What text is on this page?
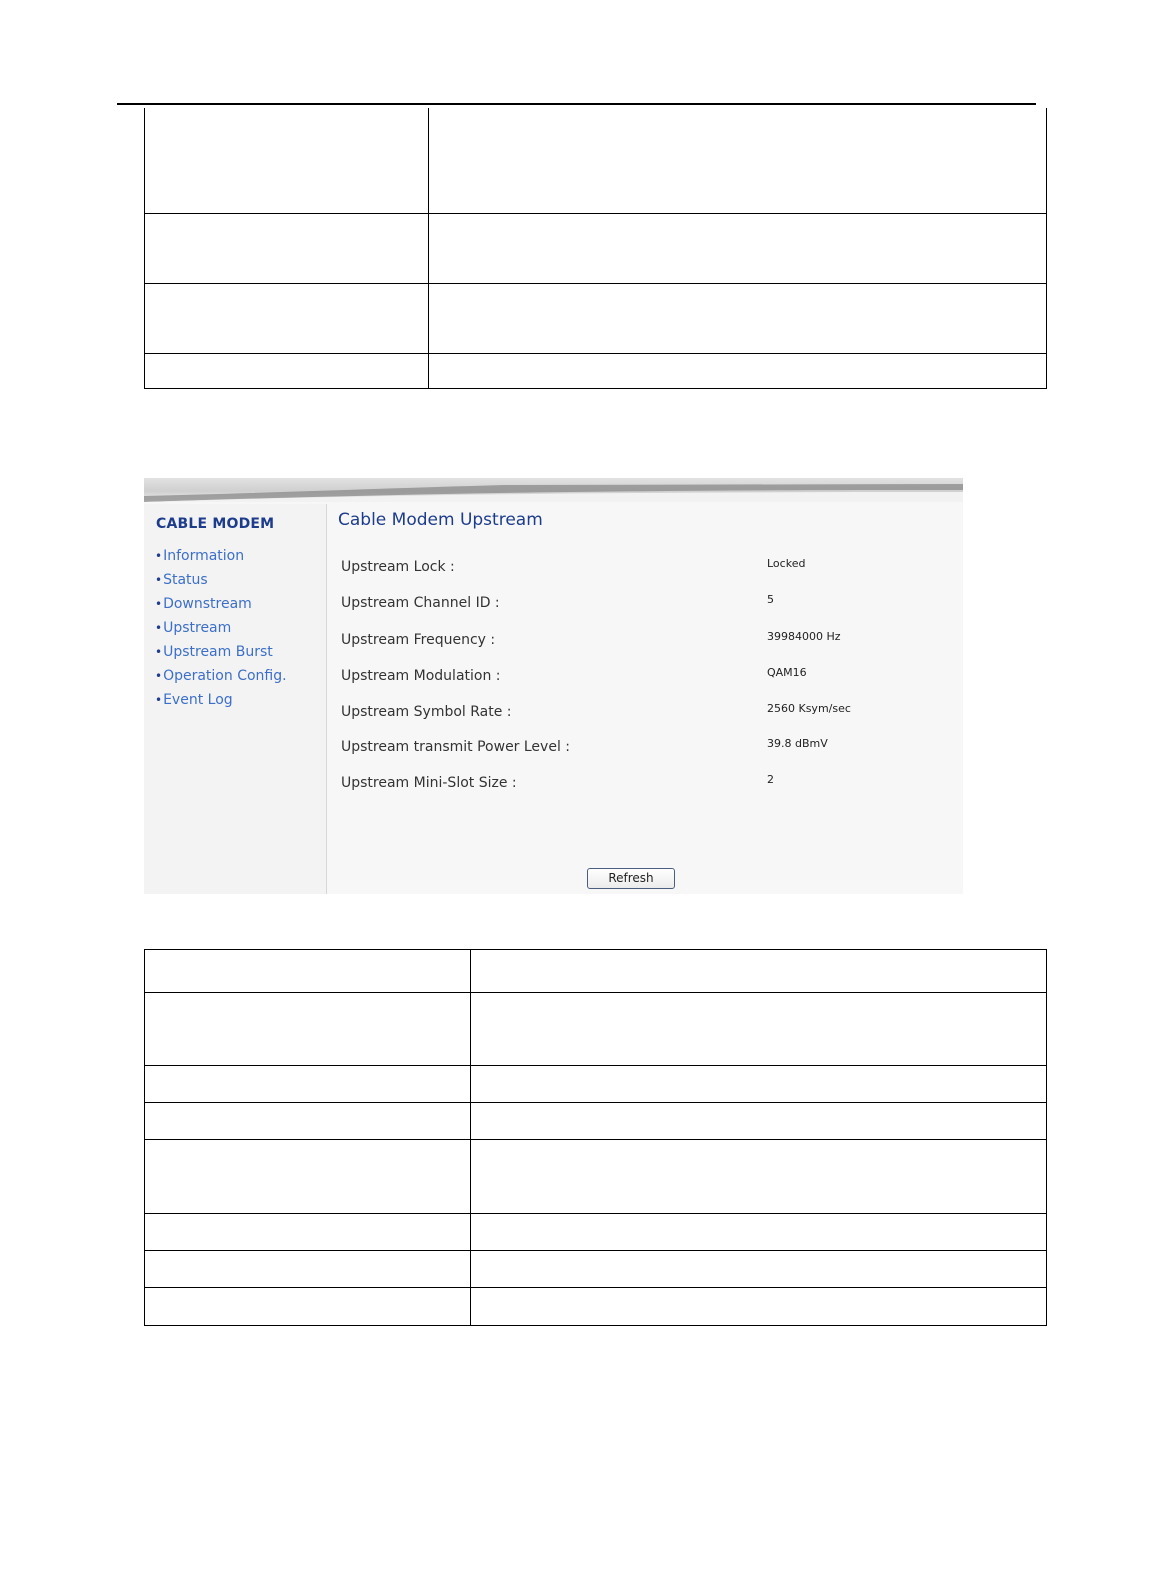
CABLE MODEM
•Information
•Status
•Downstream
•Upstream
•Upstream Burst
•Operation Config.
•Event Log
Cable Modem Upstream
Upstream Lock :	Locked
Upstream Channel ID :	5
Upstream Frequency :	39984000 Hz
Upstream Modulation :	QAM16
Upstream Symbol Rate :	2560 Ksym/sec
Upstream transmit Power Level :	39.8 dBmV
Upstream Mini-Slot Size :	2
Refresh
